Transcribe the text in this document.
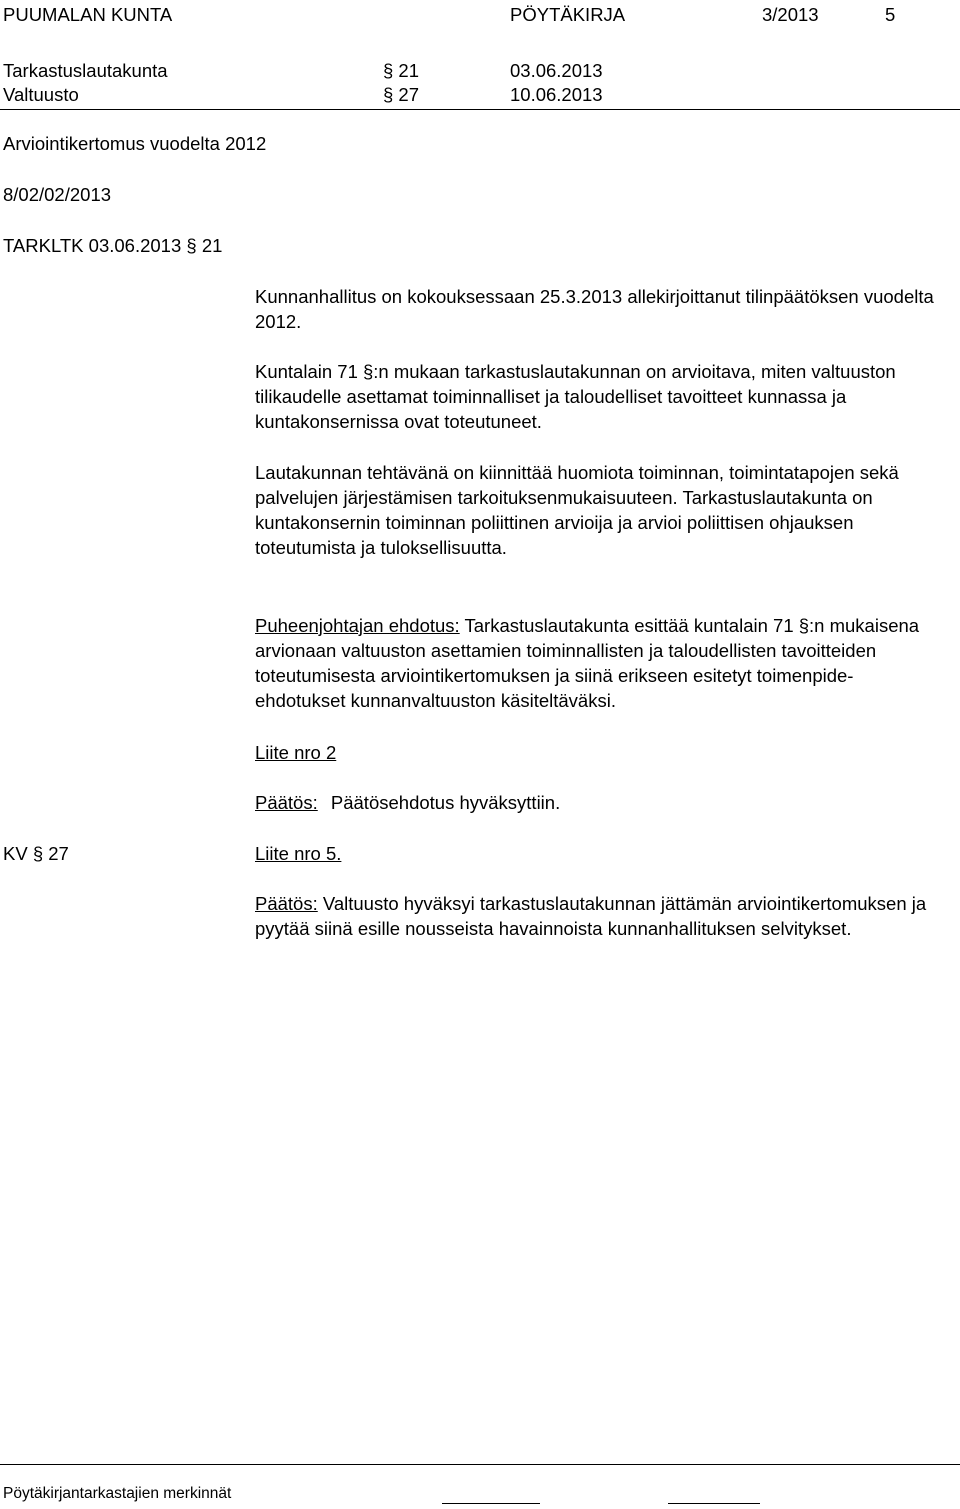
PUUMALAN KUNTA	PÖYTÄKIRJA	3/2013	5
Tarkastuslautakunta	§ 21	03.06.2013
Valtuusto	§ 27	10.06.2013
Arviointikertomus vuodelta 2012
8/02/02/2013
TARKLTK 03.06.2013 § 21
Kunnanhallitus on kokouksessaan 25.3.2013 allekirjoittanut tilinpäätöksen vuodelta 2012.
Kuntalain 71 §:n mukaan tarkastuslautakunnan on arvioitava, miten valtuuston tilikaudelle asettamat toiminnalliset ja taloudelliset tavoitteet kunnassa ja kuntakonsernissa ovat toteutuneet.
Lautakunnan tehtävänä on kiinnittää huomiota toiminnan, toimintatapojen sekä palvelujen järjestämisen tarkoituksenmukaisuuteen. Tarkastuslautakunta on kuntakonsernin toiminnan poliittinen arvioija ja arvioi poliittisen ohjauksen toteutumista ja tuloksellisuutta.
Puheenjohtajan ehdotus: Tarkastuslautakunta esittää kuntalain 71 §:n mukaisena arvionaan valtuuston asettamien toiminnallisten ja taloudellisten tavoitteiden toteutumisesta arviointikertomuksen ja siinä erikseen esitetyt toimenpide-ehdotukset kunnanvaltuuston käsiteltäväksi.
Liite nro 2
Päätös: Päätösehdotus hyväksyttiin.
KV § 27	Liite nro 5.
Päätös: Valtuusto hyväksyi tarkastuslautakunnan jättämän arviointikertomuksen ja pyytää siinä esille nousseista havainnoista kunnanhallituksen selvitykset.
Pöytäkirjantarkastajien merkinnät
